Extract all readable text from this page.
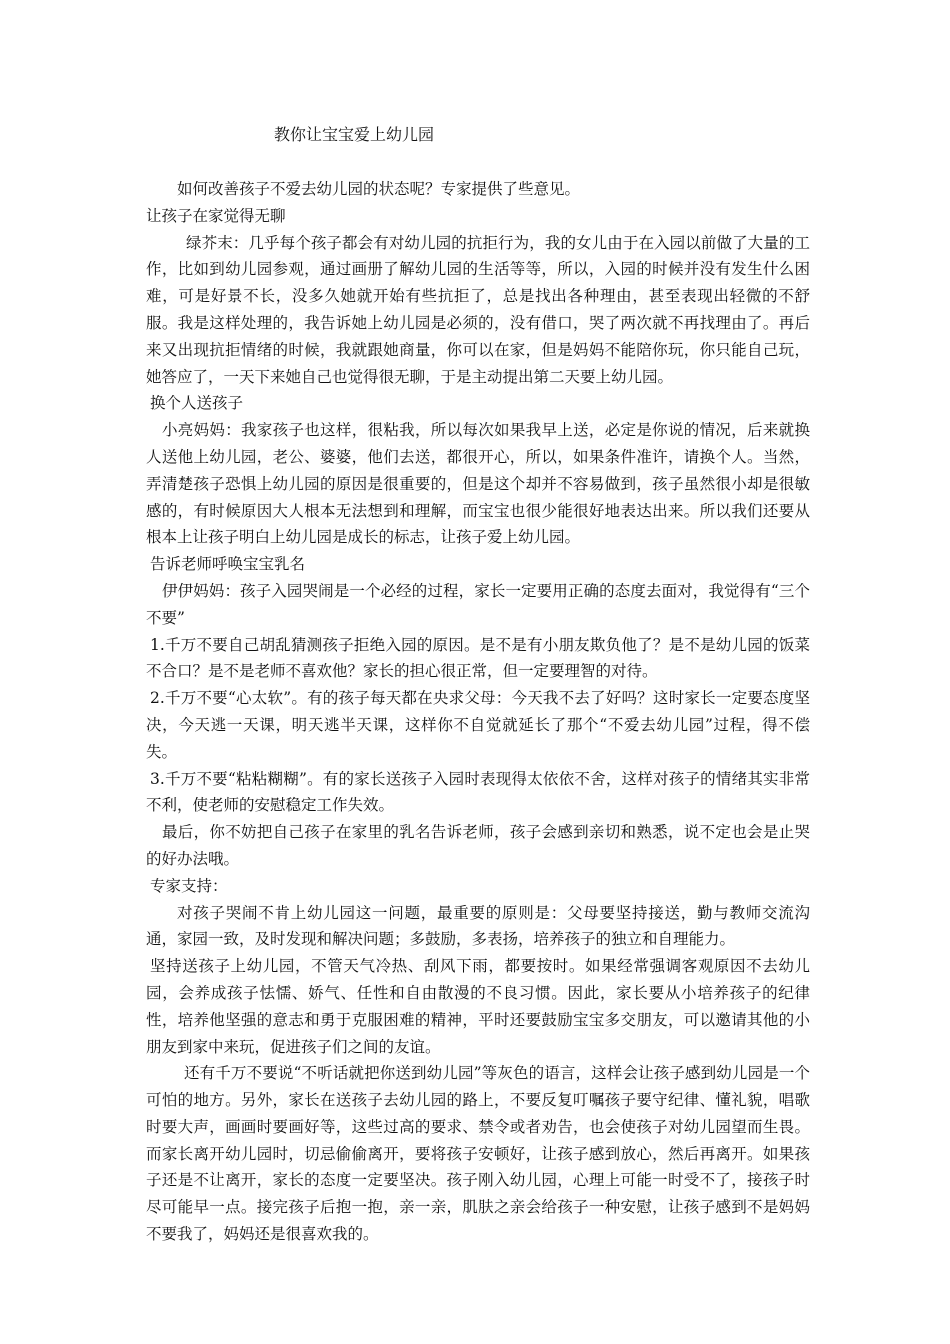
教你让宝宝爱上幼儿园

如何改善孩子不爱去幼儿园的状态呢？专家提供了些意见。

让孩子在家觉得无聊

绿芥末：几乎每个孩子都会有对幼儿园的抗拒行为，我的女儿由于在入园以前做了大量的工作，比如到幼儿园参观，通过画册了解幼儿园的生活等等，所以，入园的时候并没有发生什么困难，可是好景不长，没多久她就开始有些抗拒了，总是找出各种理由，甚至表现出轻微的不舒服。我是这样处理的，我告诉她上幼儿园是必须的，没有借口，哭了两次就不再找理由了。再后来又出现抗拒情绪的时候，我就跟她商量，你可以在家，但是妈妈不能陪你玩，你只能自己玩，她答应了，一天下来她自己也觉得很无聊，于是主动提出第二天要上幼儿园。

换个人送孩子

小亮妈妈：我家孩子也这样，很粘我，所以每次如果我早上送，必定是你说的情况，后来就换人送他上幼儿园，老公、婆婆，他们去送，都很开心，所以，如果条件准许，请换个人。当然，弄清楚孩子恐惧上幼儿园的原因是很重要的，但是这个却并不容易做到，孩子虽然很小却是很敏感的，有时候原因大人根本无法想到和理解，而宝宝也很少能很好地表达出来。所以我们还要从根本上让孩子明白上幼儿园是成长的标志，让孩子爱上幼儿园。

告诉老师呼唤宝宝乳名

伊伊妈妈：孩子入园哭闹是一个必经的过程，家长一定要用正确的态度去面对，我觉得有“三个不要”

1.千万不要自己胡乱猜测孩子拒绝入园的原因。是不是有小朋友欺负他了？是不是幼儿园的饭菜不合口？是不是老师不喜欢他？家长的担心很正常，但一定要理智的对待。

2.千万不要“心太软”。有的孩子每天都在央求父母：今天我不去了好吗？这时家长一定要态度坚决，今天逃一天课，明天逃半天课，这样你不自觉就延长了那个“不爱去幼儿园”过程，得不偿失。

3.千万不要“粘粘糊糊”。有的家长送孩子入园时表现得太依依不舍，这样对孩子的情绪其实非常不利，使老师的安慰稳定工作失效。

最后，你不妨把自己孩子在家里的乳名告诉老师，孩子会感到亲切和熟悉，说不定也会是止哭的好办法哦。

专家支持：

对孩子哭闹不肯上幼儿园这一问题，最重要的原则是：父母要坚持接送，勤与教师交流沟通，家园一致，及时发现和解决问题；多鼓励，多表扬，培养孩子的独立和自理能力。

坚持送孩子上幼儿园，不管天气冷热、刮风下雨，都要按时。如果经常强调客观原因不去幼儿园，会养成孩子怯懦、娇气、任性和自由散漫的不良习惯。因此，家长要从小培养孩子的纪律性，培养他坚强的意志和勇于克服困难的精神，平时还要鼓励宝宝多交朋友，可以邀请其他的小朋友到家中来玩，促进孩子们之间的友谊。

还有千万不要说“不听话就把你送到幼儿园”等灰色的语言，这样会让孩子感到幼儿园是一个可怕的地方。另外，家长在送孩子去幼儿园的路上，不要反复叮嘱孩子要守纪律、懂礼貌，唱歌时要大声，画画时要画好等，这些过高的要求、禁令或者劝告，也会使孩子对幼儿园望而生畏。而家长离开幼儿园时，切忌偷偷离开，要将孩子安顿好，让孩子感到放心，然后再离开。如果孩子还是不让离开，家长的态度一定要坚决。孩子刚入幼儿园，心理上可能一时受不了，接孩子时尽可能早一点。接完孩子后抱一抱，亲一亲，肌肤之亲会给孩子一种安慰，让孩子感到不是妈妈不要我了，妈妈还是很喜欢我的。
